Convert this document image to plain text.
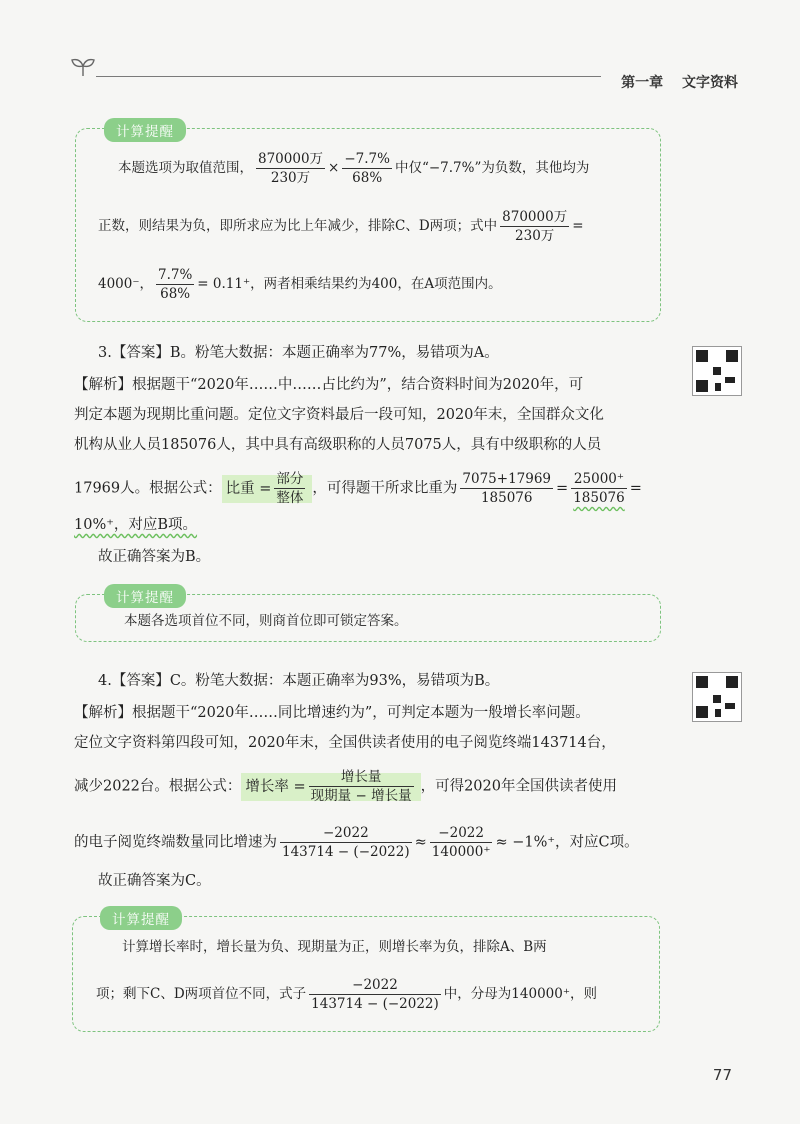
第一章 文字资料
计算提醒
本题选项为取值范围， $\frac{\text{870000万}}{\text{230万}} \times \frac{-7.7\%}{68\%}$ 中仅“−7.7%”为负数，其他均为
正数，则结果为负，即所求应为比上年减少，排除C、D两项；式中 $\frac{\text{870000万}}{\text{230万}}$ =
4000⁻， $\frac{7.7\%}{68\%} = 0.11^+$，两者相乘结果约为400，在A项范围内。
3.【答案】B。粉笔大数据：本题正确率为77%，易错项为A。
【解析】根据题干“2020年……中……占比约为”，结合资料时间为2020年，可
判定本题为现期比重问题。定位文字资料最后一段可知，2020年末，全国群众文化
机构从业人员185076人，其中具有高级职称的人员7075人，具有中级职称的人员
17969人。根据公式： 比重 = $\frac{\text{部分}}{\text{整体}}$ ，可得题干所求比重为 $\frac{7075+17969}{185076} = \frac{25000^+}{185076}$ =
10%⁺，对应B项。
故正确答案为B。
计算提醒
本题各选项首位不同，则商首位即可锁定答案。
4.【答案】C。粉笔大数据：本题正确率为93%，易错项为B。
【解析】根据题干“2020年……同比增速约为”，可判定本题为一般增长率问题。
定位文字资料第四段可知，2020年末，全国供读者使用的电子阅览终端143714台，
减少2022台。根据公式： 增长率 = $\frac{\text{增长量}}{\text{现期量 − 增长量}}$ ，可得2020年全国供读者使用
的电子阅览终端数量同比增速为 $\frac{-2022}{143714 - (-2022)} \approx \frac{-2022}{140000^+} \approx -1\%^+$，对应C项。
故正确答案为C。
计算提醒
计算增长率时，增长量为负、现期量为正，则增长率为负，排除A、B两
项；剩下C、D两项首位不同，式子 $\frac{-2022}{143714 - (-2022)}$ 中，分母为140000⁺，则
77
